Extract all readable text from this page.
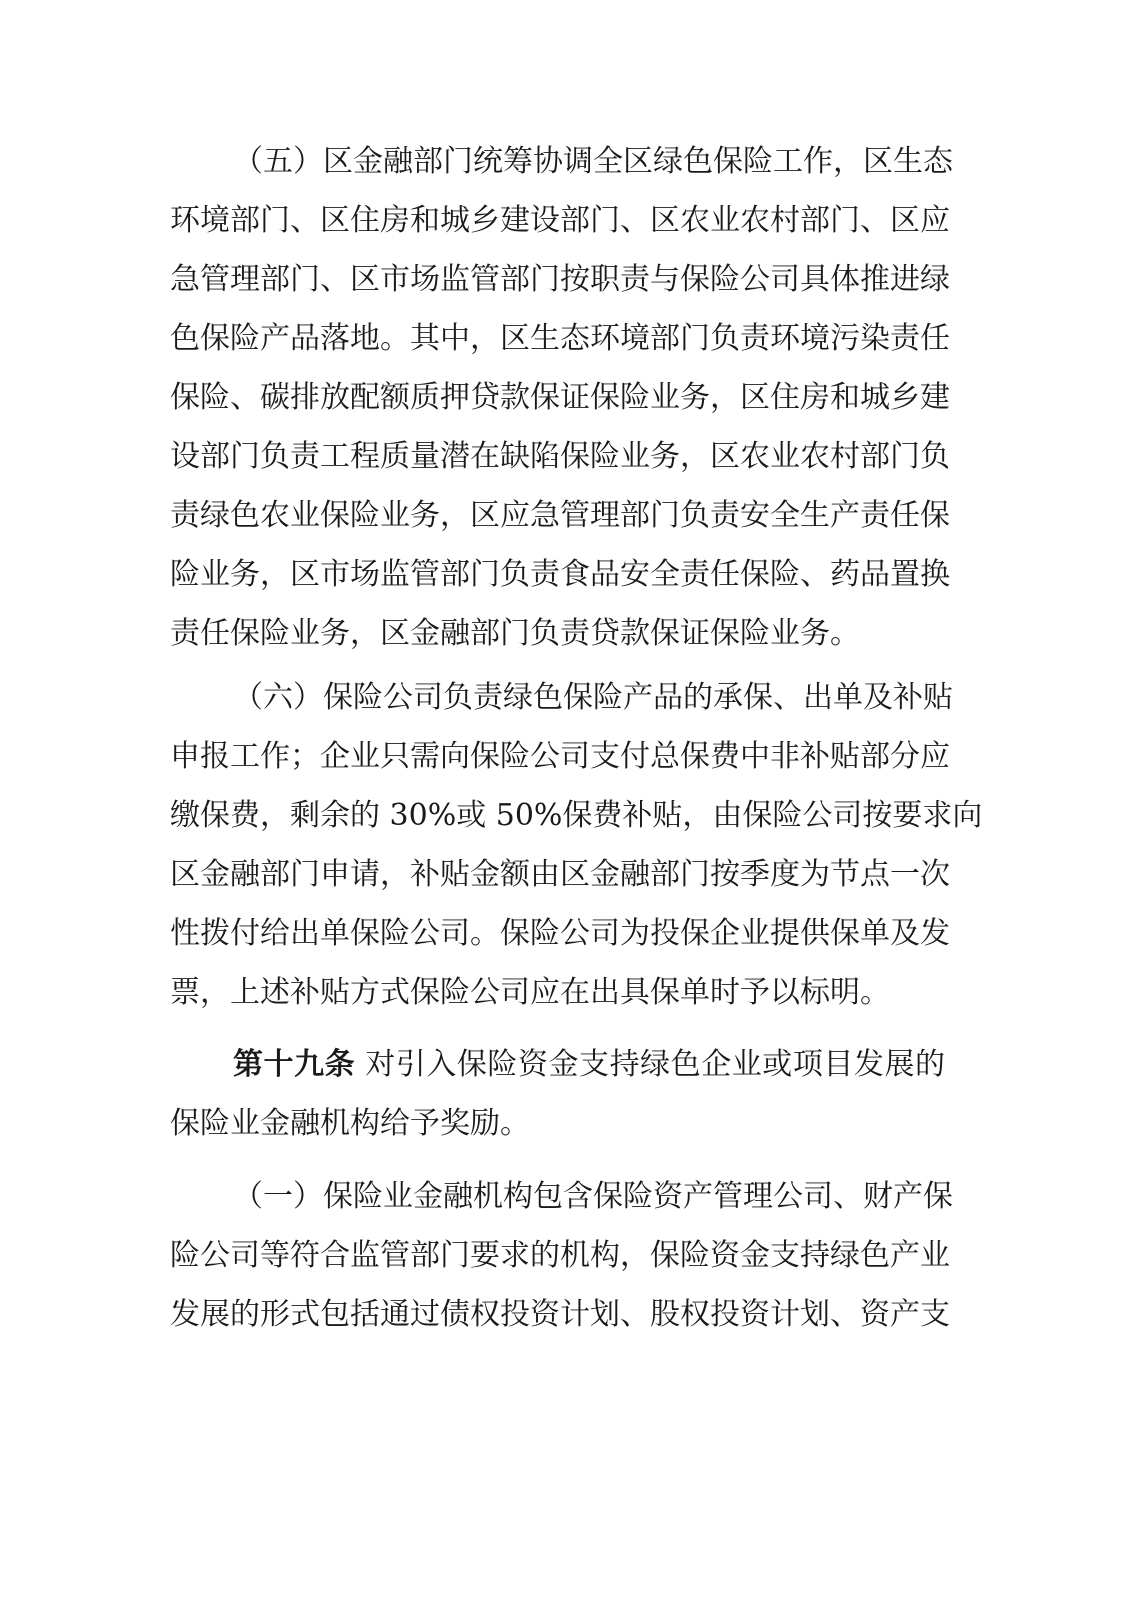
（五）区金融部门统筹协调全区绿色保险工作，区生态
环境部门、区住房和城乡建设部门、区农业农村部门、区应
急管理部门、区市场监管部门按职责与保险公司具体推进绿
色保险产品落地。其中，区生态环境部门负责环境污染责任
保险、碳排放配额质押贷款保证保险业务，区住房和城乡建
设部门负责工程质量潜在缺陷保险业务，区农业农村部门负
责绿色农业保险业务，区应急管理部门负责安全生产责任保
险业务，区市场监管部门负责食品安全责任保险、药品置换
责任保险业务，区金融部门负责贷款保证保险业务。
（六）保险公司负责绿色保险产品的承保、出单及补贴
申报工作；企业只需向保险公司支付总保费中非补贴部分应
缴保费，剩余的 30%或 50%保费补贴，由保险公司按要求向
区金融部门申请，补贴金额由区金融部门按季度为节点一次
性拨付给出单保险公司。保险公司为投保企业提供保单及发
票，上述补贴方式保险公司应在出具保单时予以标明。
第十九条 对引入保险资金支持绿色企业或项目发展的
保险业金融机构给予奖励。
（一）保险业金融机构包含保险资产管理公司、财产保
险公司等符合监管部门要求的机构，保险资金支持绿色产业
发展的形式包括通过债权投资计划、股权投资计划、资产支
